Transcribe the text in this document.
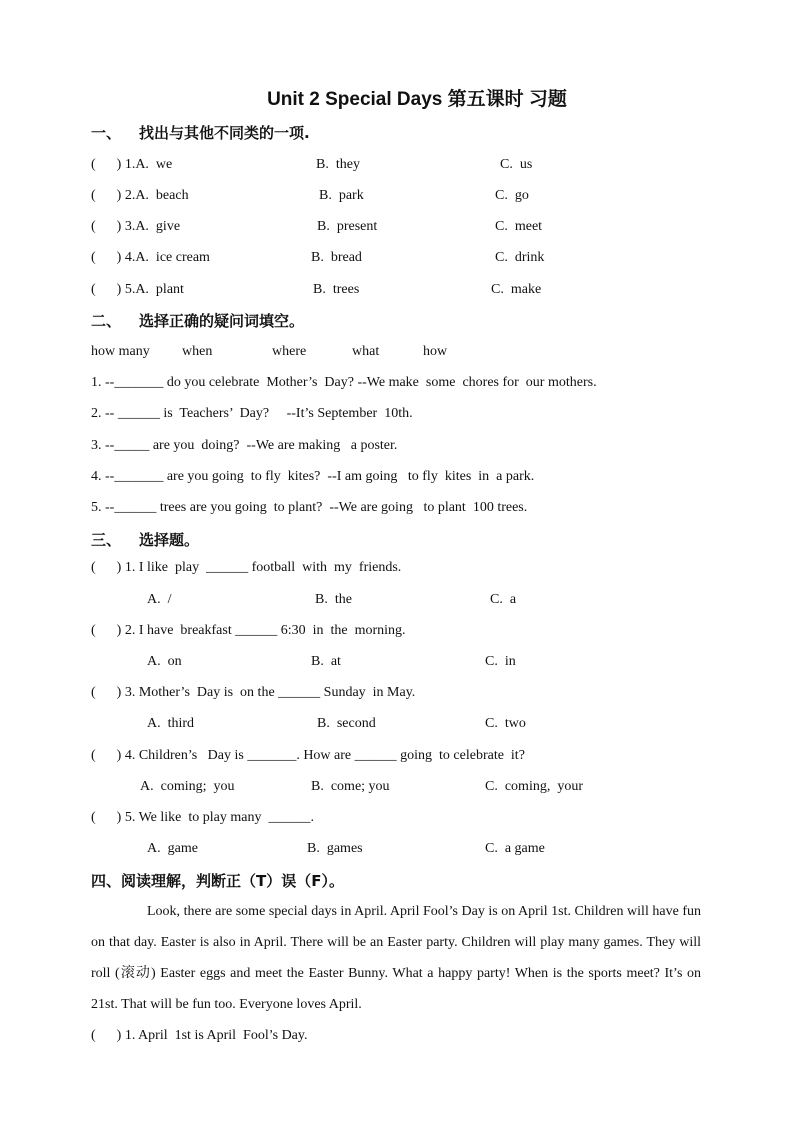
Unit 2 Special Days 第五课时 习题
一、 找出与其他不同类的一项.
(      ) 1.A.  we	B.  they	C.  us
(      ) 2.A.  beach	B.  park	C.  go
(      ) 3.A.  give	B.  present	C.  meet
(      ) 4.A.  ice cream	B.  bread	C.  drink
(      ) 5.A.  plant	B.  trees	C.  make
二、 选择正确的疑问词填空。
how many when	where	what	how
1. --_______ do you celebrate  Mother’s  Day? --We make  some  chores for  our mothers.
2. -- ______ is  Teachers’  Day?     --It’s September  10th.
3. --_____ are you  doing?  --We are making   a poster.
4. --_______ are you going  to fly  kites?  --I am going   to fly  kites  in  a park.
5. --______ trees are you going  to plant?  --We are going   to plant  100 trees.
三、 选择题。
(      ) 1. I like  play  ______ football  with  my  friends.
A.  /	B.  the	C.  a
(      ) 2. I have  breakfast ______ 6:30  in  the  morning.
A.  on	B.  at	C.  in
(      ) 3. Mother’s  Day is  on the ______ Sunday  in May.
A.  third	B.  second	C.  two
(      ) 4. Children’s   Day is _______. How are ______ going  to celebrate  it?
A.  coming;  you	B.  come; you	C.  coming,  your
(      ) 5. We like  to play many  ______.
A.  game	B.  games	C.  a game
四、阅读理解，判断正（T）误（F）。
Look, there are some special days in April. April Fool’s Day is on April 1st. Children will have fun on that day. Easter is also in April. There will be an Easter party. Children will play many games. They will roll (滚动) Easter eggs and meet the Easter Bunny. What a happy party! When is the sports meet? It’s on 21st. That will be fun too. Everyone loves April.
(      ) 1. April  1st is April  Fool’s Day.
